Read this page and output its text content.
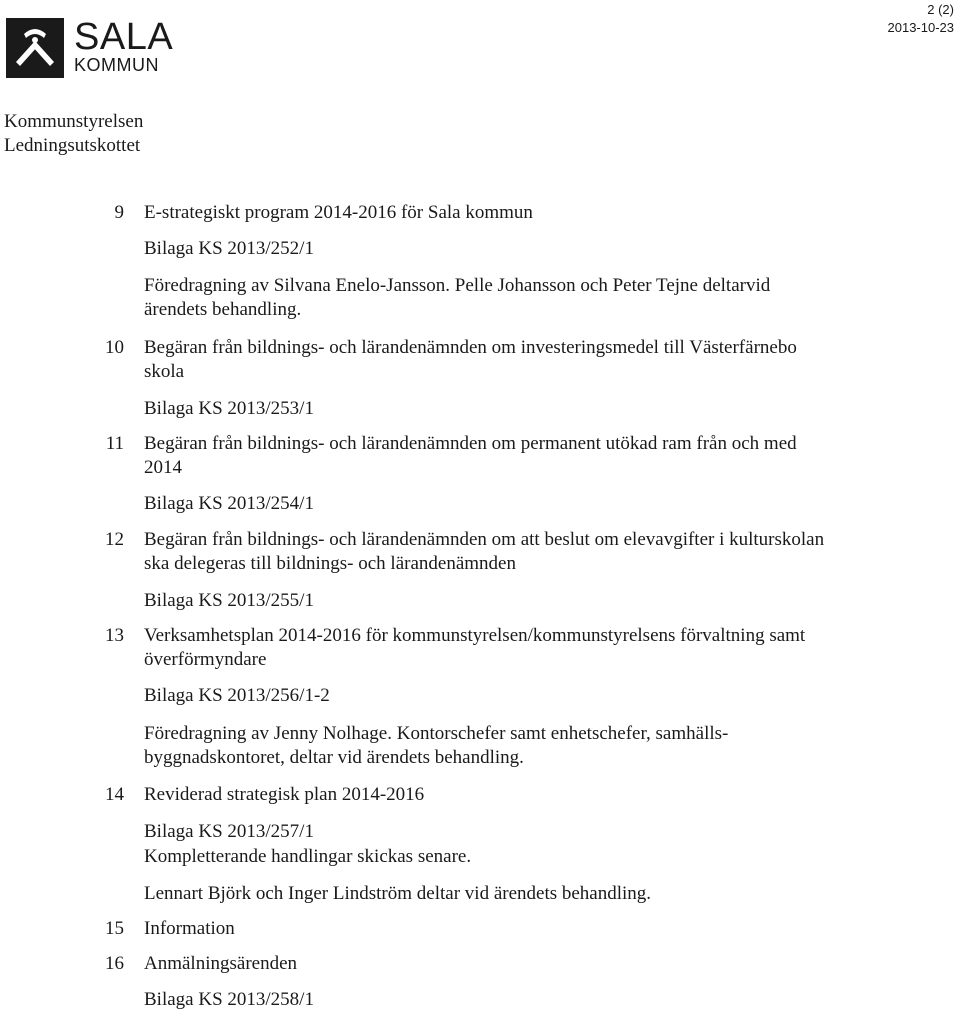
SALA
KOMMUN
2 (2)
2013-10-23
Kommunstyrelsen
Ledningsutskottet
9 E-strategiskt program 2014-2016 för Sala kommun
Bilaga KS 2013/252/1
Föredragning av Silvana Enelo-Jansson. Pelle Johansson och Peter Tejne deltarvid ärendets behandling.
10 Begäran från bildnings- och lärandenämnden om investeringsmedel till Västerfärnebo skola
Bilaga KS 2013/253/1
11 Begäran från bildnings- och lärandenämnden om permanent utökad ram från och med 2014
Bilaga KS 2013/254/1
12 Begäran från bildnings- och lärandenämnden om att beslut om elevavgifter i kulturskolan ska delegeras till bildnings- och lärandenämnden
Bilaga KS 2013/255/1
13 Verksamhetsplan 2014-2016 för kommunstyrelsen/kommunstyrelsens förvaltning samt överförmyndare
Bilaga KS 2013/256/1-2
Föredragning av Jenny Nolhage. Kontorschefer samt enhetschefer, samhälls-byggnadskontoret, deltar vid ärendets behandling.
14 Reviderad strategisk plan 2014-2016
Bilaga KS 2013/257/1
Kompletterande handlingar skickas senare.
Lennart Björk och Inger Lindström deltar vid ärendets behandling.
15 Information
16 Anmälningsärenden
Bilaga KS 2013/258/1
